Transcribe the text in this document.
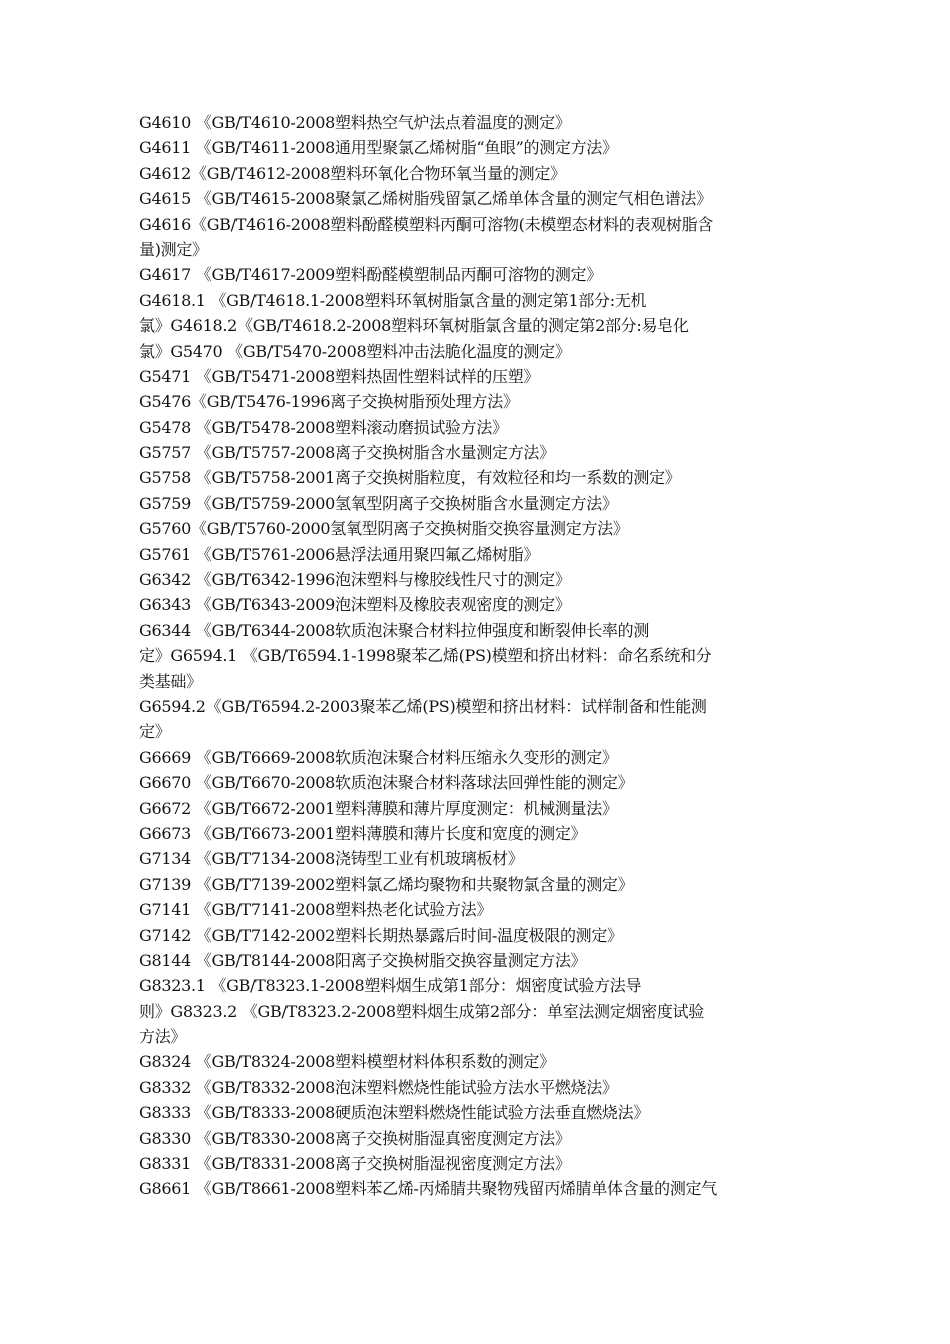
G4610 《GB/T4610-2008塑料热空气炉法点着温度的测定》
G4611 《GB/T4611-2008通用型聚氯乙烯树脂“鱼眼”的测定方法》
G4612《GB/T4612-2008塑料环氧化合物环氧当量的测定》
G4615 《GB/T4615-2008聚氯乙烯树脂残留氯乙烯单体含量的测定气相色谱法》
G4616《GB/T4616-2008塑料酚醛模塑料丙酮可溶物(未模塑态材料的表观树脂含
量)测定》
G4617 《GB/T4617-2009塑料酚醛模塑制品丙酮可溶物的测定》
G4618.1 《GB/T4618.1-2008塑料环氧树脂氯含量的测定第1部分:无机
氯》G4618.2《GB/T4618.2-2008塑料环氧树脂氯含量的测定第2部分:易皂化
氯》G5470 《GB/T5470-2008塑料冲击法脆化温度的测定》
G5471 《GB/T5471-2008塑料热固性塑料试样的压塑》
G5476《GB/T5476-1996离子交换树脂预处理方法》
G5478 《GB/T5478-2008塑料滚动磨损试验方法》
G5757 《GB/T5757-2008离子交换树脂含水量测定方法》
G5758 《GB/T5758-2001离子交换树脂粒度，有效粒径和均一系数的测定》
G5759 《GB/T5759-2000氢氧型阴离子交换树脂含水量测定方法》
G5760《GB/T5760-2000氢氧型阴离子交换树脂交换容量测定方法》
G5761 《GB/T5761-2006悬浮法通用聚四氟乙烯树脂》
G6342 《GB/T6342-1996泡沫塑料与橡胶线性尺寸的测定》
G6343 《GB/T6343-2009泡沫塑料及橡胶表观密度的测定》
G6344 《GB/T6344-2008软质泡沫聚合材料拉伸强度和断裂伸长率的测
定》G6594.1 《GB/T6594.1-1998聚苯乙烯(PS)模塑和挤出材料：命名系统和分
类基础》
G6594.2《GB/T6594.2-2003聚苯乙烯(PS)模塑和挤出材料：试样制备和性能测
定》
G6669 《GB/T6669-2008软质泡沫聚合材料压缩永久变形的测定》
G6670 《GB/T6670-2008软质泡沫聚合材料落球法回弹性能的测定》
G6672 《GB/T6672-2001塑料薄膜和薄片厚度测定：机械测量法》
G6673 《GB/T6673-2001塑料薄膜和薄片长度和宽度的测定》
G7134 《GB/T7134-2008浇铸型工业有机玻璃板材》
G7139 《GB/T7139-2002塑料氯乙烯均聚物和共聚物氯含量的测定》
G7141 《GB/T7141-2008塑料热老化试验方法》
G7142 《GB/T7142-2002塑料长期热暴露后时间-温度极限的测定》
G8144 《GB/T8144-2008阳离子交换树脂交换容量测定方法》
G8323.1 《GB/T8323.1-2008塑料烟生成第1部分：烟密度试验方法导
则》G8323.2 《GB/T8323.2-2008塑料烟生成第2部分：单室法测定烟密度试验
方法》
G8324 《GB/T8324-2008塑料模塑材料体积系数的测定》
G8332 《GB/T8332-2008泡沫塑料燃烧性能试验方法水平燃烧法》
G8333 《GB/T8333-2008硬质泡沫塑料燃烧性能试验方法垂直燃烧法》
G8330 《GB/T8330-2008离子交换树脂湿真密度测定方法》
G8331 《GB/T8331-2008离子交换树脂湿视密度测定方法》
G8661 《GB/T8661-2008塑料苯乙烯-丙烯腈共聚物残留丙烯腈单体含量的测定气
